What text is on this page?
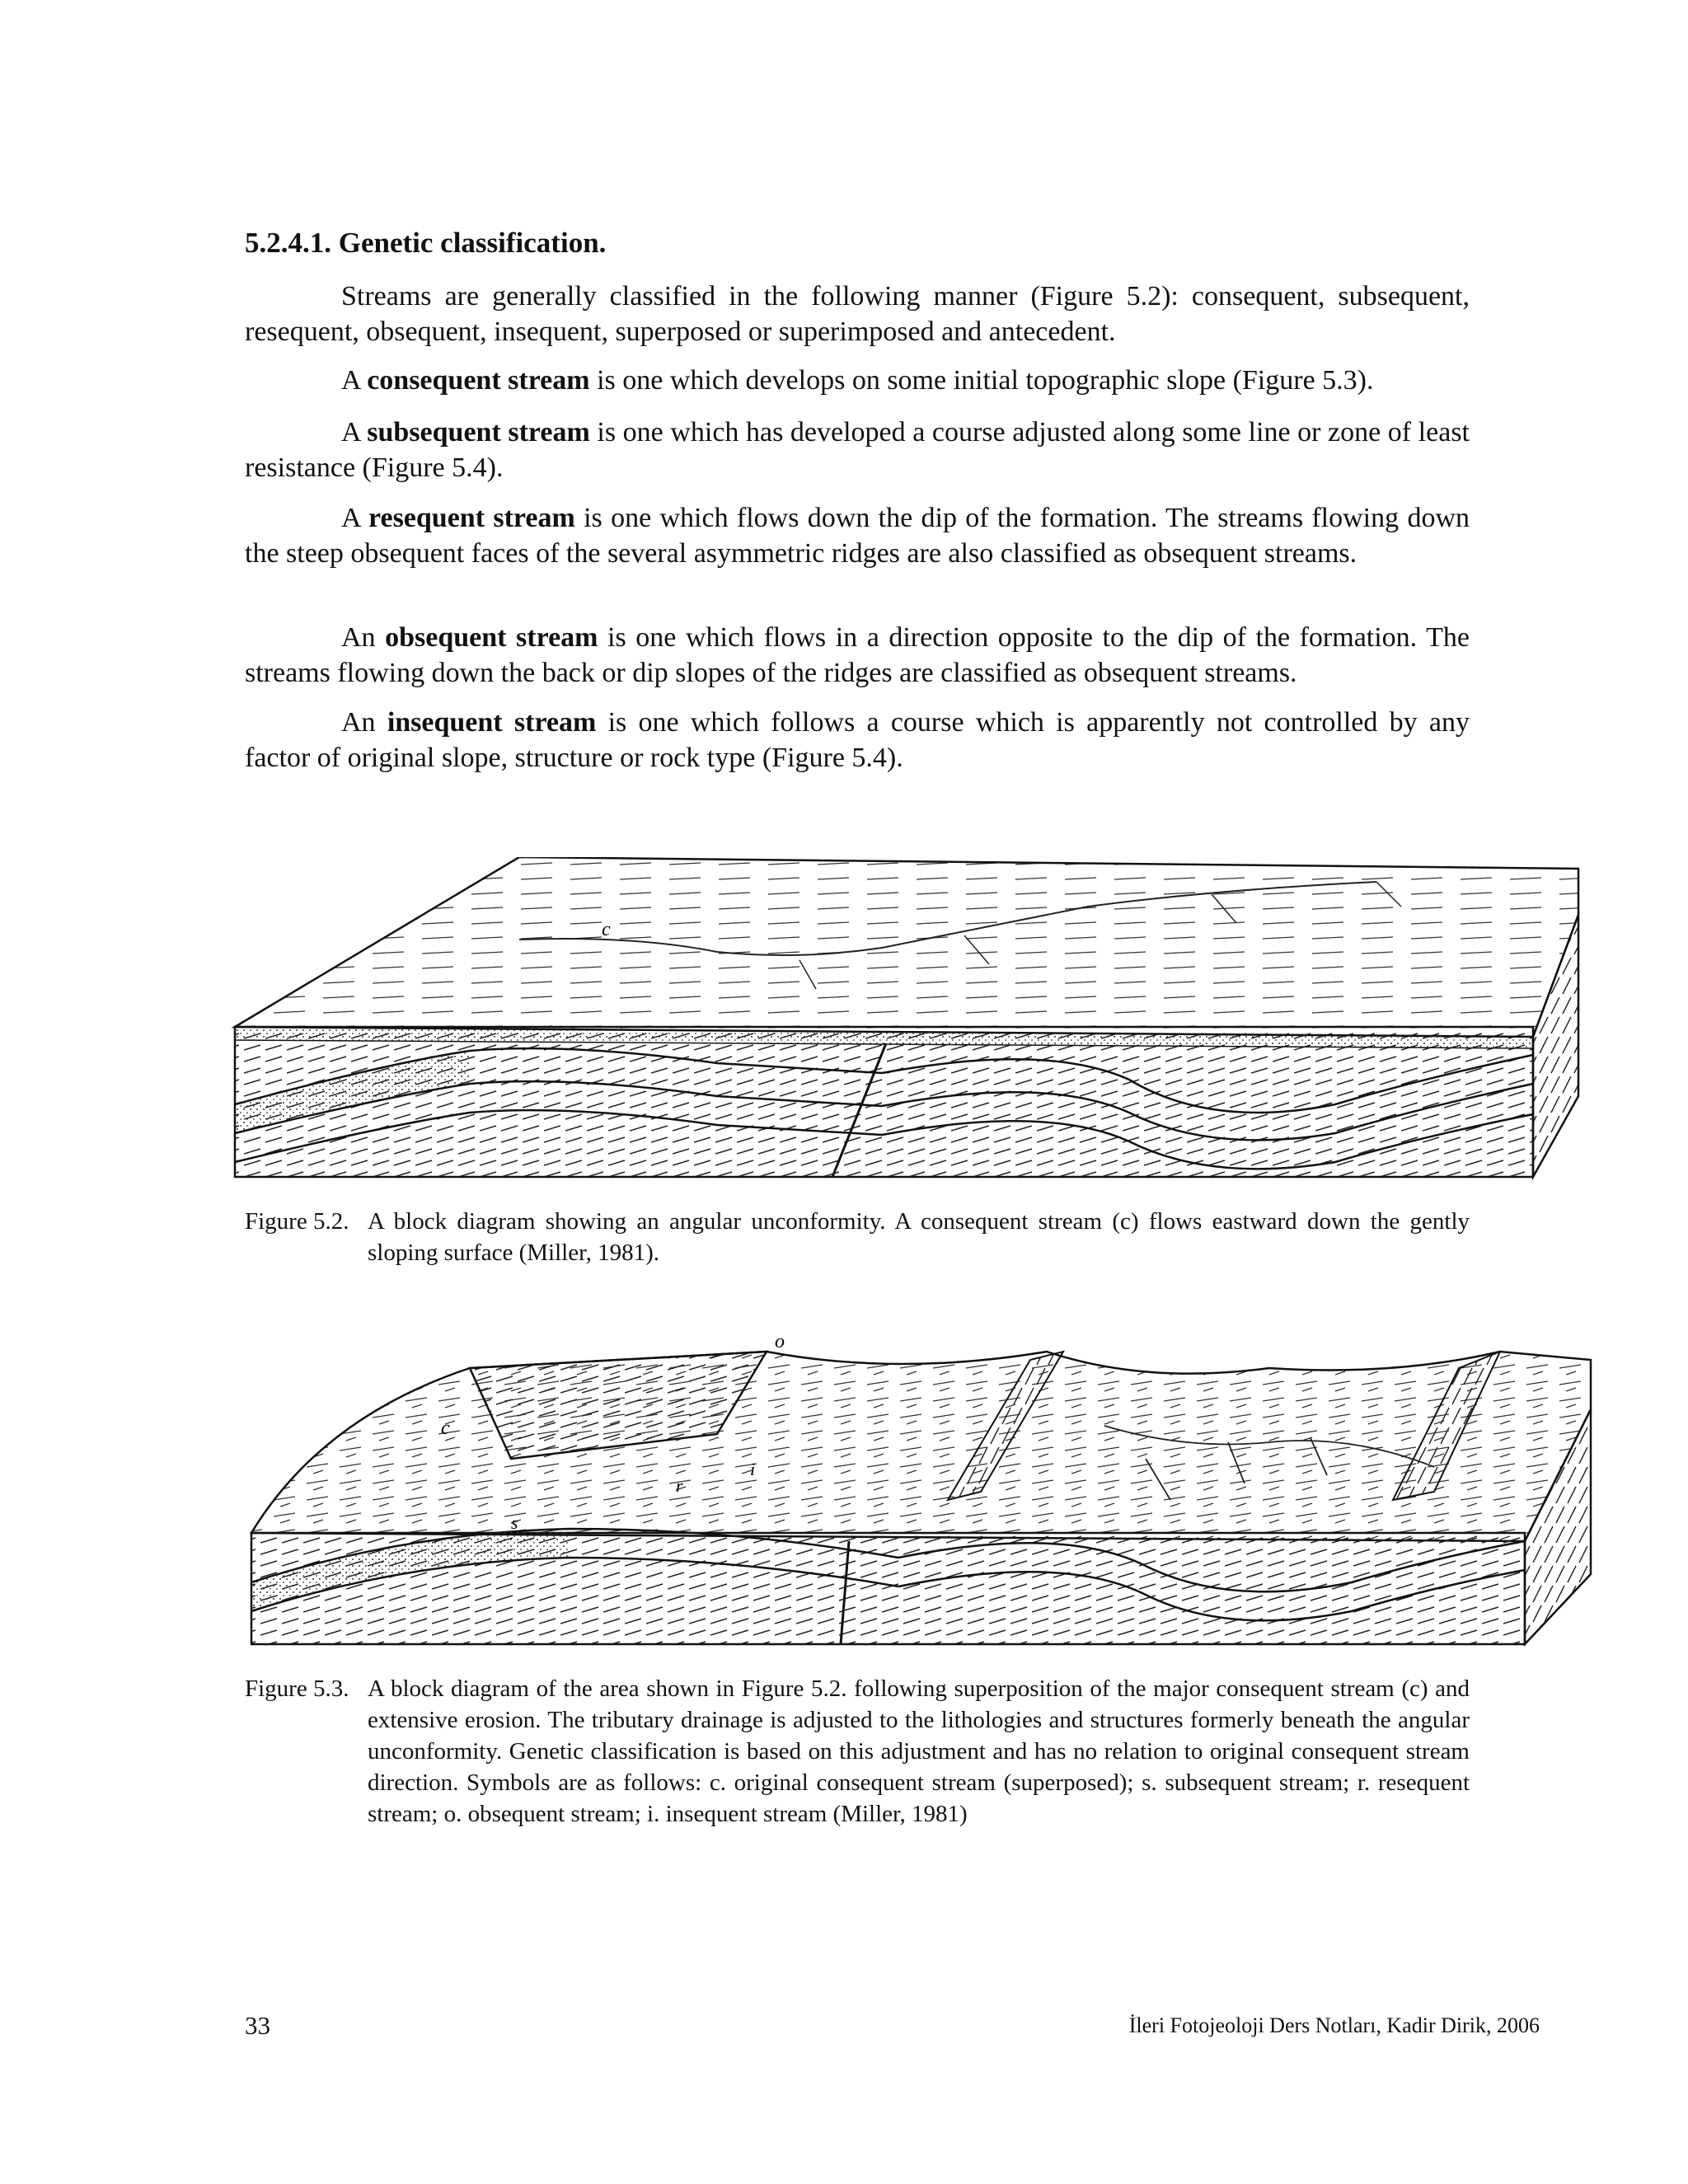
5.2.4.1. Genetic classification.

Streams are generally classified in the following manner (Figure 5.2): consequent, subsequent, resequent, obsequent, insequent, superposed or superimposed and antecedent.

A consequent stream is one which develops on some initial topographic slope (Figure 5.3).

A subsequent stream is one which has developed a course adjusted along some line or zone of least resistance (Figure 5.4).

A resequent stream is one which flows down the dip of the formation. The streams flowing down the steep obsequent faces of the several asymmetric ridges are also classified as obsequent streams.

An obsequent stream is one which flows in a direction opposite to the dip of the formation. The streams flowing down the back or dip slopes of the ridges are classified as obsequent streams.

An insequent stream is one which follows a course which is apparently not controlled by any factor of original slope, structure or rock type (Figure 5.4).

c

Figure 5.2. A block diagram showing an angular unconformity. A consequent stream (c) flows eastward down the gently sloping surface (Miller, 1981).

o
c
s
r
i

Figure 5.3. A block diagram of the area shown in Figure 5.2. following superposition of the major consequent stream (c) and extensive erosion. The tributary drainage is adjusted to the lithologies and structures formerly beneath the angular unconformity. Genetic classification is based on this adjustment and has no relation to original consequent stream direction. Symbols are as follows: c. original consequent stream (superposed); s. subsequent stream; r. resequent stream; o. obsequent stream; i. insequent stream (Miller, 1981)

33	İleri Fotojeoloji Ders Notları, Kadir Dirik, 2006
